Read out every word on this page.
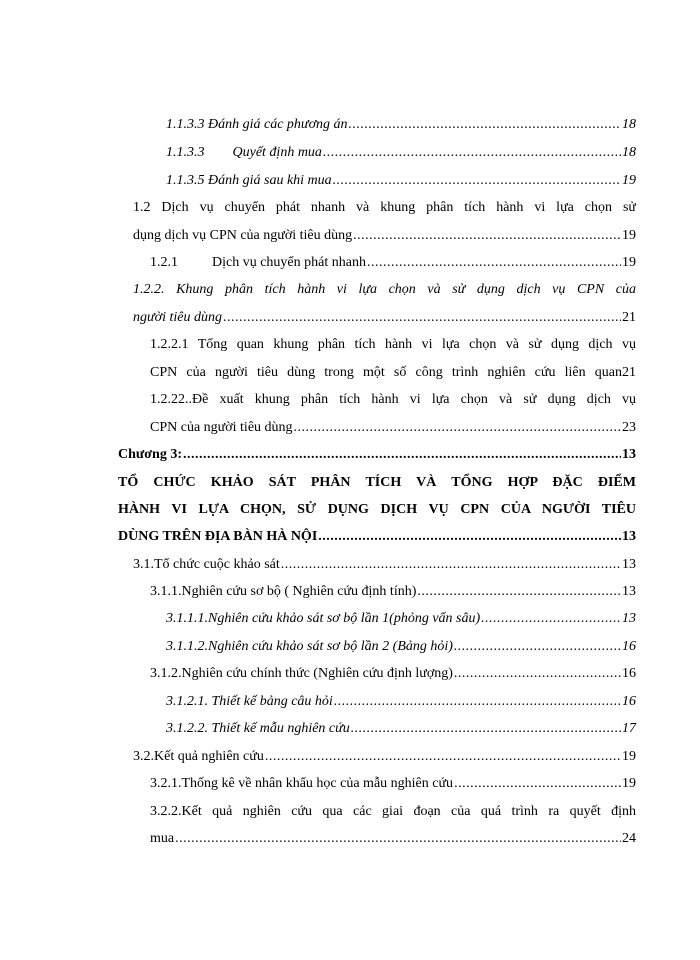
1.1.3.3 Đánh giá các phương án .....	18
1.1.3.3 Quyết định mua .....	18
1.1.3.5 Đánh giá sau khi mua .....	19
1.2 Dịch vụ chuyển phát nhanh và khung phân tích hành vi lựa chọn sử
dụng dịch vụ CPN của người tiêu dùng .....	19
1.2.1 Dịch vụ chuyển phát nhanh .....	19
1.2.2. Khung phân tích hành vi lựa chọn và sử dụng dịch vụ CPN của
người tiêu dùng .....	21
1.2.2.1 Tổng quan khung phân tích hành vi lựa chọn và sử dụng dịch vụ
CPN của người tiêu dùng trong một số công trình nghiên cứu liên quan21
1.2.22..Đề xuất khung phân tích hành vi lựa chọn và sử dụng dịch vụ
CPN của người tiêu dùng .....	23
Chương 3: .....	13
TỔ CHỨC KHẢO SÁT PHÂN TÍCH VÀ TỔNG HỢP ĐẶC ĐIỂM
HÀNH VI LỰA CHỌN, SỬ DỤNG DỊCH VỤ CPN CỦA NGƯỜI TIÊU
DÙNG TRÊN ĐỊA BÀN HÀ NỘI .....	13
3.1.Tổ chức cuộc khảo sát .....	13
3.1.1.Nghiên cứu sơ bộ ( Nghiên cứu định tính) .....	13
3.1.1.1.Nghiên cứu khảo sát sơ bộ lần 1(phỏng vấn sâu) .....	13
3.1.1.2.Nghiên cứu khảo sát sơ bộ lần 2 (Bảng hỏi) .....	16
3.1.2.Nghiên cứu chính thức (Nghiên cứu định lượng) .....	16
3.1.2.1. Thiết kế bảng câu hỏi .....	16
3.1.2.2. Thiết kế mẫu nghiên cứu .....	17
3.2.Kết quả nghiên cứu .....	19
3.2.1.Thống kê về nhân khẩu học của mẫu nghiên cứu .....	19
3.2.2.Kết quả nghiên cứu qua các giai đoạn của quá trình ra quyết định
mua .....	24
